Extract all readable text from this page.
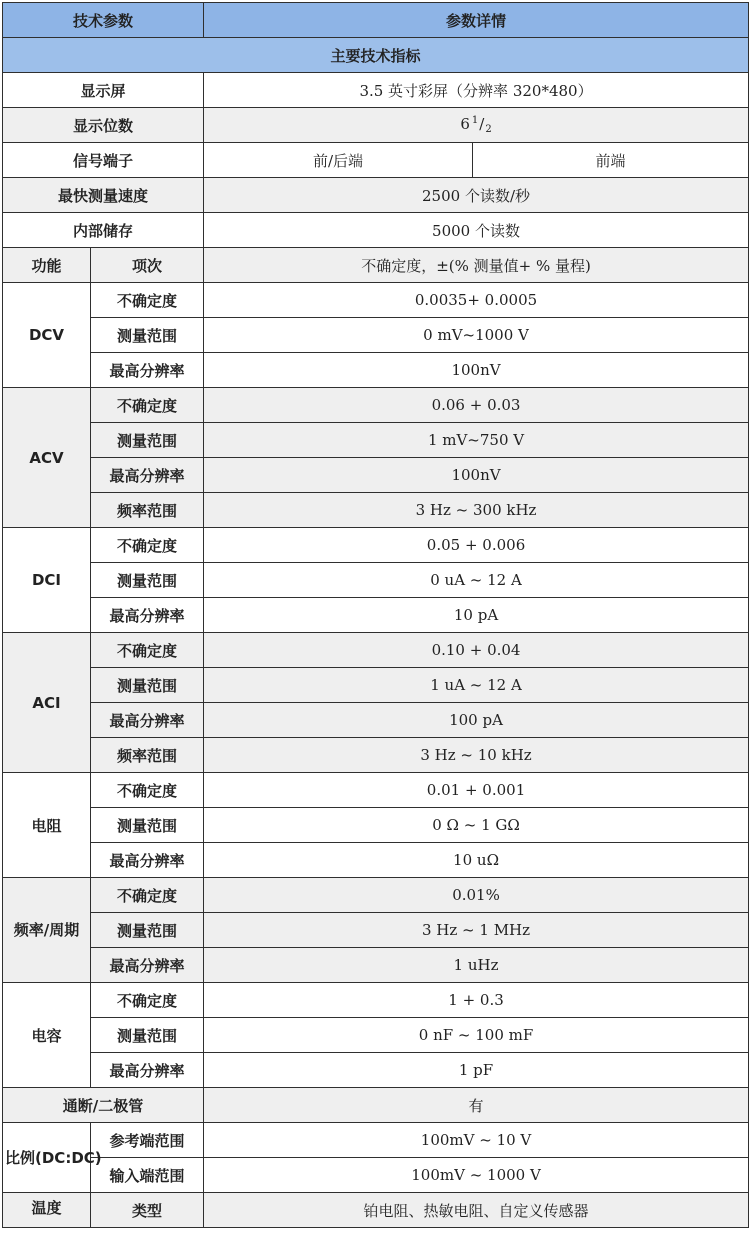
技术参数		参数详情	
主要技术指标			
显示屏		3.5 英寸彩屏（分辨率 320*480）	
显示位数		6 $^1/_2$
信号端子		前/后端	前端
最快测量速度		2500 个读数/秒	
内部储存		5000 个读数	
功能	项次	不确定度，±(% 测量值+ % 量程)	
DCV	不确定度	0.0035+ 0.0005	
	测量范围	0 mV~1000 V	
	最高分辨率	100nV	
ACV	不确定度	0.06 + 0.03	
	测量范围	1 mV~750 V	
	最高分辨率	100nV	
	频率范围	3 Hz ~ 300 kHz	
DCI	不确定度	0.05 + 0.006	
	测量范围	0 uA ~ 12 A	
	最高分辨率	10 pA	
ACI	不确定度	0.10 + 0.04	
	测量范围	1 uA ~ 12 A	
	最高分辨率	100 pA	
	频率范围	3 Hz ~ 10 kHz	
电阻	不确定度	0.01 + 0.001	
	测量范围	0 Ω ~ 1 GΩ	
	最高分辨率	10 uΩ	
频率/周期	不确定度	0.01%	
	测量范围	3 Hz ~ 1 MHz	
	最高分辨率	1 uHz	
电容	不确定度	1 + 0.3	
	测量范围	0 nF ~ 100 mF	
	最高分辨率	1 pF	
通断/二极管		有	
比例(DC:DC)	参考端范围	100mV ~ 10 V	
	输入端范围	100mV ~ 1000 V	
温度	类型	铂电阻、热敏电阻、自定义传感器	
